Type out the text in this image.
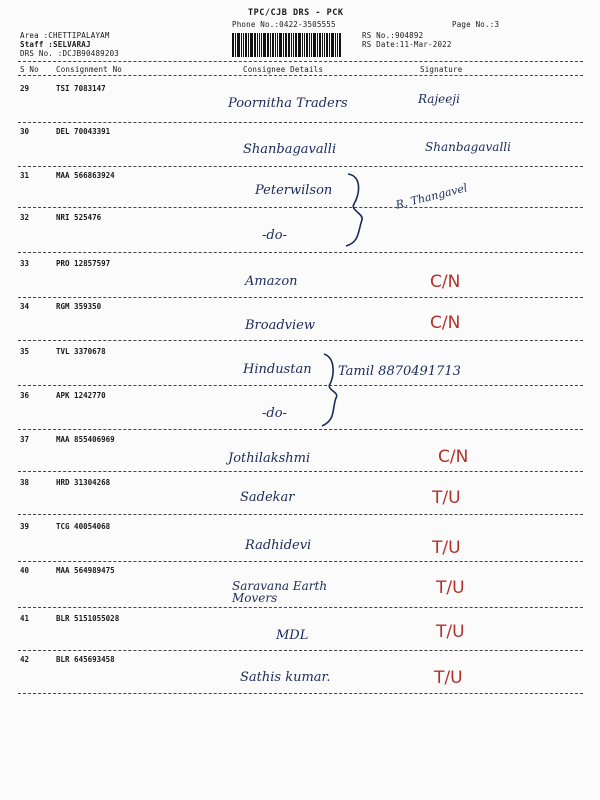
TPC/CJB DRS - PCK
Phone No.:0422-3505555	Page No.:3
Area :CHETTIPALAYAM
Staff :SELVARAJ
DRS No. :DCJB90489203
RS No.:904892
RS Date:11-Mar-2022
S No Consignment No	Consignee Details	Signature
29	TSI 7083147
Poornitha Traders	Rajeeji
30	DEL 70043391
Shanbagavalli	Shanbagavalli
31	MAA 566863924
Peterwilson	R. Thangavel
32	NRI 525476
-do-
33	PRO 12857597
Amazon	C/N
34	RGM 359350
Broadview	C/N
35	TVL 3370678
Hindustan Tamil 8870491713
36	APK 1242770
-do-
37	MAA 855406969
Jothilakshmi	C/N
38	HRD 31304268
Sadekar	T/U
39	TCG 40054068
Radhidevi	T/U
40	MAA 564989475
Saravana Earth Movers	T/U
41	BLR 5151055028
MDL	T/U
42	BLR 645693458
Sathis kumar.	T/U
